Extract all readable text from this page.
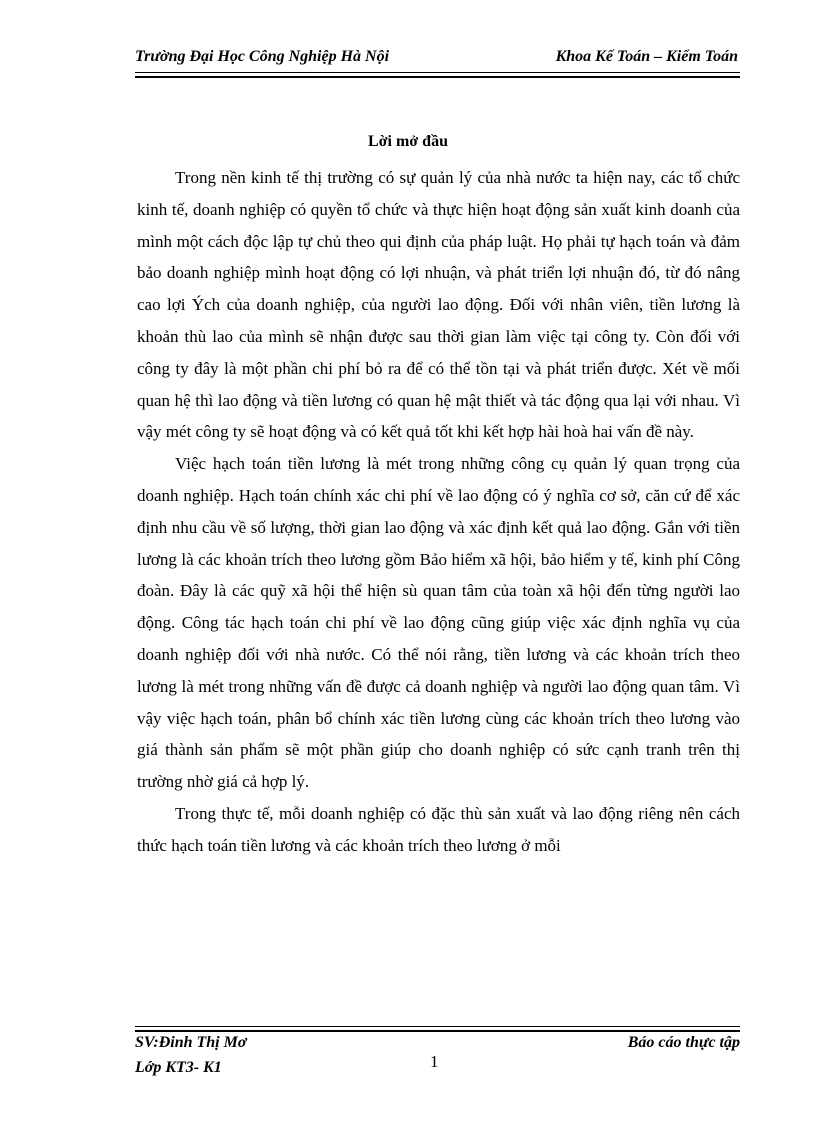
Trường Đại Học Công Nghiệp Hà Nội	Khoa Kế Toán – Kiểm Toán
Lời mở đầu

Trong nền kinh tế thị trường có sự quản lý của nhà nước ta hiện nay, các tổ chức kinh tế, doanh nghiệp có quyền tổ chức và thực hiện hoạt động sản xuất kinh doanh của mình một cách độc lập tự chủ theo qui định của pháp luật. Họ phải tự hạch toán và đảm bảo doanh nghiệp mình hoạt động có lợi nhuận, và phát triển lợi nhuận đó, từ đó nâng cao lợi Ých của doanh nghiệp, của người lao động. Đối với nhân viên, tiền lương là khoản thù lao của mình sẽ nhận được sau thời gian làm việc tại công ty. Còn đối với công ty đây là một phần chi phí bỏ ra để có thể tồn tại và phát triển được. Xét về mối quan hệ thì lao động và tiền lương có quan hệ mật thiết và tác động qua lại với nhau. Vì vậy mét công ty sẽ hoạt động và có kết quả tốt khi kết hợp hài hoà hai vấn đề này.

Việc hạch toán tiền lương là mét trong những công cụ quản lý quan trọng của doanh nghiệp. Hạch toán chính xác chi phí về lao động có ý nghĩa cơ sở, căn cứ để xác định nhu cầu về số lượng, thời gian lao động và xác định kết quả lao động. Gắn với tiền lương là các khoản trích theo lương gồm Bảo hiểm xã hội, bảo hiểm y tế, kinh phí Công đoàn. Đây là các quỹ xã hội thể hiện sù quan tâm của toàn xã hội đến từng người lao động. Công tác hạch toán chi phí về lao động cũng giúp việc xác định nghĩa vụ của doanh nghiệp đối với nhà nước. Có thể nói rằng, tiền lương và các khoản trích theo lương là mét trong những vấn đề được cả doanh nghiệp và người lao động quan tâm. Vì vậy việc hạch toán, phân bổ chính xác tiền lương cùng các khoản trích theo lương vào giá thành sản phẩm sẽ một phần giúp cho doanh nghiệp có sức cạnh tranh trên thị trường nhờ giá cả hợp lý.

Trong thực tế, mỗi doanh nghiệp có đặc thù sản xuất và lao động riêng nên cách thức hạch toán tiền lương và các khoản trích theo lương ở mỗi

SV:Đinh Thị Mơ
Lớp KT3- K1	1
Báo cáo thực tập
